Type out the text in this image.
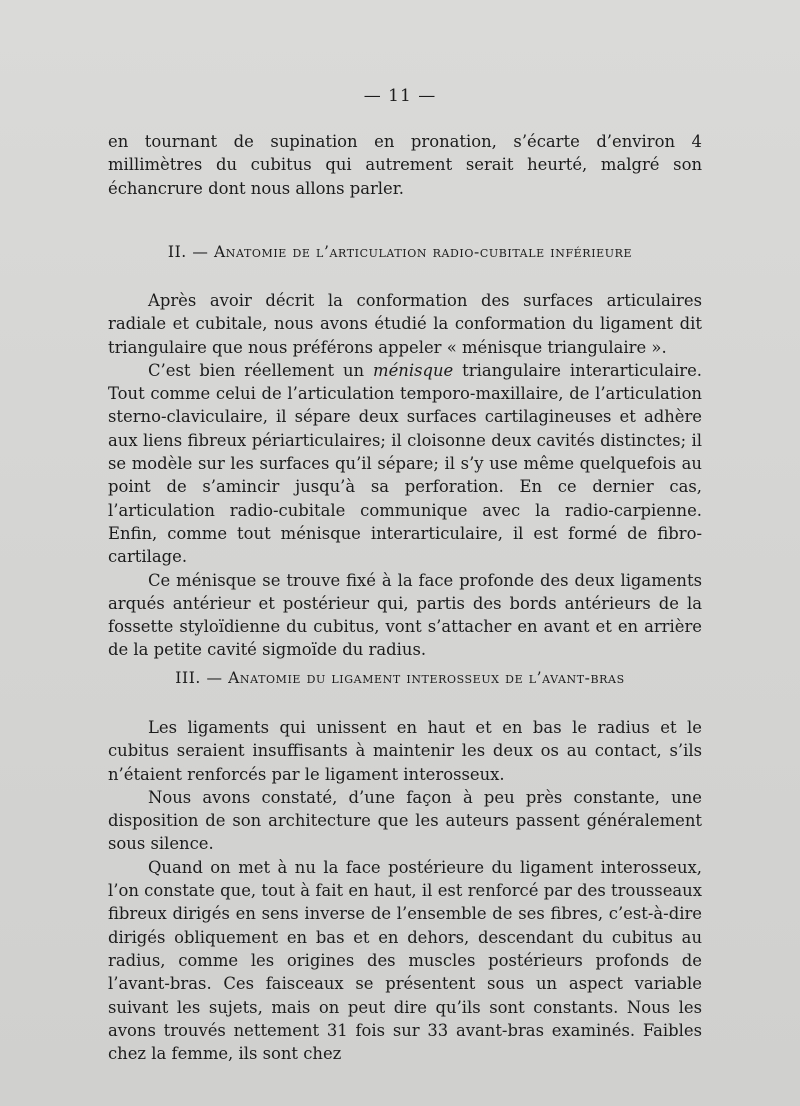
— 11 —

en tournant de supination en pronation, s’écarte d’environ 4 millimètres du cubitus qui autrement serait heurté, malgré son échancrure dont nous allons parler.

II. — Anatomie de l’articulation radio-cubitale inférieure

Après avoir décrit la conformation des surfaces articulaires radiale et cubitale, nous avons étudié la conformation du ligament dit triangulaire que nous préférons appeler « ménisque triangulaire ».

C’est bien réellement un ménisque triangulaire interarticulaire. Tout comme celui de l’articulation temporo-maxillaire, de l’articulation sterno-claviculaire, il sépare deux surfaces cartilagineuses et adhère aux liens fibreux périarticulaires; il cloisonne deux cavités distinctes; il se modèle sur les surfaces qu’il sépare; il s’y use même quelquefois au point de s’amincir jusqu’à sa perforation. En ce dernier cas, l’articulation radio-cubitale communique avec la radio-carpienne. Enfin, comme tout ménisque interarticulaire, il est formé de fibro-cartilage.

Ce ménisque se trouve fixé à la face profonde des deux ligaments arqués antérieur et postérieur qui, partis des bords antérieurs de la fossette styloïdienne du cubitus, vont s’attacher en avant et en arrière de la petite cavité sigmoïde du radius.

III. — Anatomie du ligament interosseux de l’avant-bras

Les ligaments qui unissent en haut et en bas le radius et le cubitus seraient insuffisants à maintenir les deux os au contact, s’ils n’étaient renforcés par le ligament interosseux.

Nous avons constaté, d’une façon à peu près constante, une disposition de son architecture que les auteurs passent généralement sous silence.

Quand on met à nu la face postérieure du ligament interosseux, l’on constate que, tout à fait en haut, il est renforcé par des trousseaux fibreux dirigés en sens inverse de l’ensemble de ses fibres, c’est-à-dire dirigés obliquement en bas et en dehors, descendant du cubitus au radius, comme les origines des muscles postérieurs profonds de l’avant-bras. Ces faisceaux se présentent sous un aspect variable suivant les sujets, mais on peut dire qu’ils sont constants. Nous les avons trouvés nettement 31 fois sur 33 avant-bras examinés. Faibles chez la femme, ils sont chez
